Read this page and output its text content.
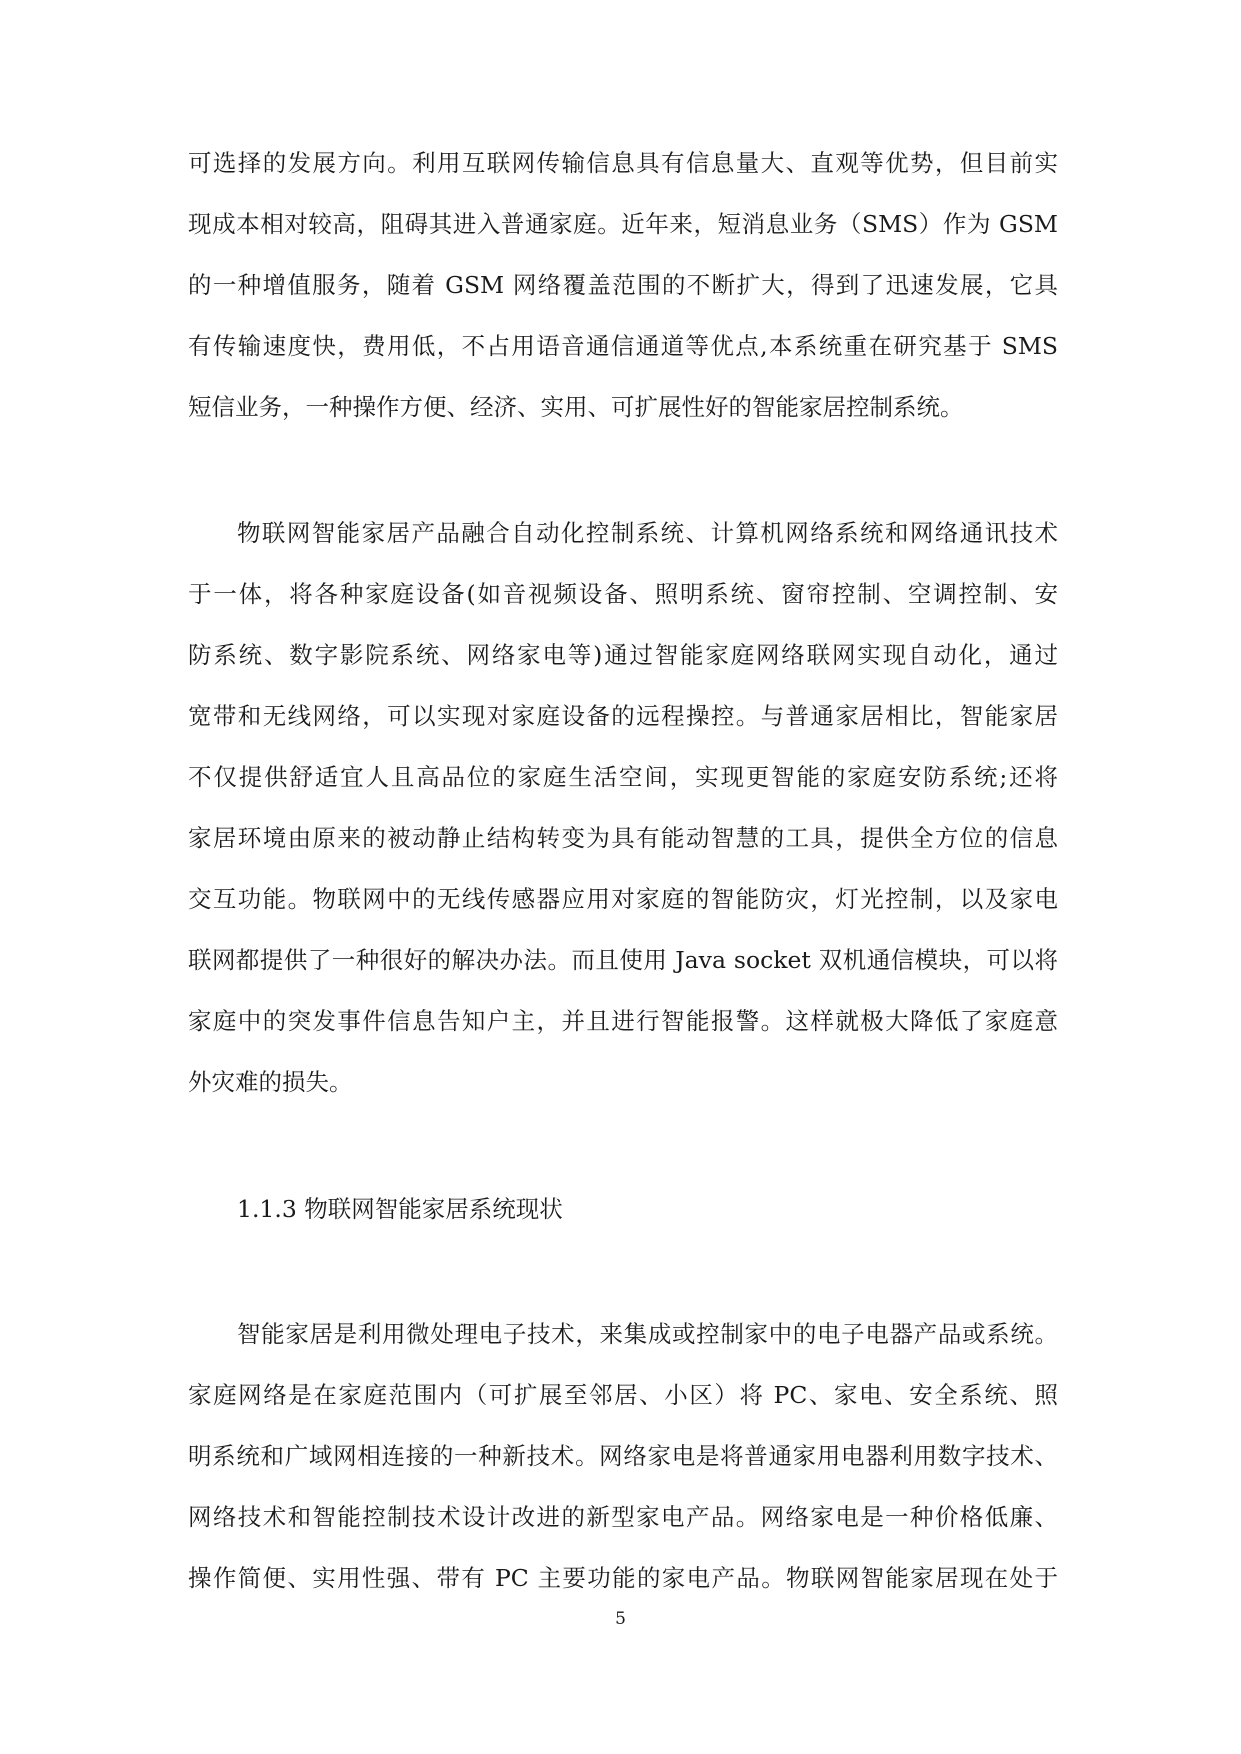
可选择的发展方向。利用互联网传输信息具有信息量大、直观等优势，但目前实
现成本相对较高，阻碍其进入普通家庭。近年来，短消息业务（SMS）作为 GSM
的一种增值服务，随着 GSM 网络覆盖范围的不断扩大，得到了迅速发展，它具
有传输速度快，费用低，不占用语音通信通道等优点,本系统重在研究基于 SMS
短信业务，一种操作方便、经济、实用、可扩展性好的智能家居控制系统。
物联网智能家居产品融合自动化控制系统、计算机网络系统和网络通讯技术
于一体，将各种家庭设备(如音视频设备、照明系统、窗帘控制、空调控制、安
防系统、数字影院系统、网络家电等)通过智能家庭网络联网实现自动化，通过
宽带和无线网络，可以实现对家庭设备的远程操控。与普通家居相比，智能家居
不仅提供舒适宜人且高品位的家庭生活空间，实现更智能的家庭安防系统;还将
家居环境由原来的被动静止结构转变为具有能动智慧的工具，提供全方位的信息
交互功能。物联网中的无线传感器应用对家庭的智能防灾，灯光控制，以及家电
联网都提供了一种很好的解决办法。而且使用 Java socket 双机通信模块，可以将
家庭中的突发事件信息告知户主，并且进行智能报警。这样就极大降低了家庭意
外灾难的损失。
1.1.3 物联网智能家居系统现状
智能家居是利用微处理电子技术，来集成或控制家中的电子电器产品或系统。
家庭网络是在家庭范围内（可扩展至邻居、小区）将 PC、家电、安全系统、照
明系统和广域网相连接的一种新技术。网络家电是将普通家用电器利用数字技术、
网络技术和智能控制技术设计改进的新型家电产品。网络家电是一种价格低廉、
操作简便、实用性强、带有 PC 主要功能的家电产品。物联网智能家居现在处于
5
